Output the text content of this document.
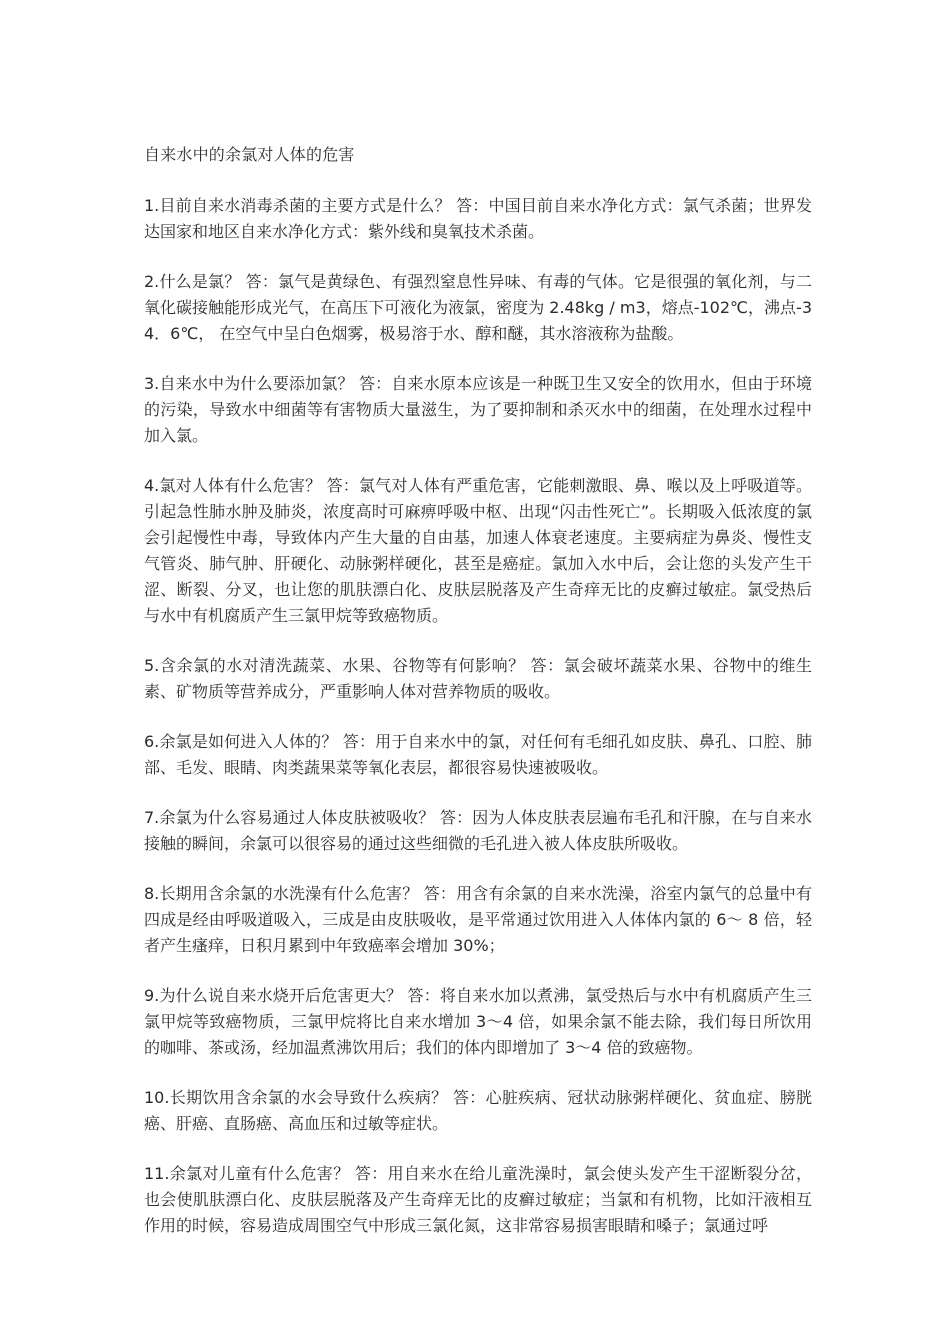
自来水中的余氯对人体的危害

1.目前自来水消毒杀菌的主要方式是什么？ 答：中国目前自来水净化方式：氯气杀菌；世界发达国家和地区自来水净化方式：紫外线和臭氧技术杀菌。

2.什么是氯？ 答：氯气是黄绿色、有强烈窒息性异味、有毒的气体。它是很强的氧化剂，与二氧化碳接触能形成光气，在高压下可液化为液氯，密度为 2.48kg / m3，熔点-102℃，沸点-34．6℃， 在空气中呈白色烟雾，极易溶于水、醇和醚，其水溶液称为盐酸。

3.自来水中为什么要添加氯？ 答：自来水原本应该是一种既卫生又安全的饮用水，但由于环境的污染，导致水中细菌等有害物质大量滋生，为了要抑制和杀灭水中的细菌，在处理水过程中加入氯。

4.氯对人体有什么危害？ 答：氯气对人体有严重危害，它能刺激眼、鼻、喉以及上呼吸道等。引起急性肺水肿及肺炎，浓度高时可麻痹呼吸中枢、出现“闪击性死亡”。长期吸入低浓度的氯会引起慢性中毒，导致体内产生大量的自由基，加速人体衰老速度。主要病症为鼻炎、慢性支气管炎、肺气肿、肝硬化、动脉粥样硬化，甚至是癌症。氯加入水中后，会让您的头发产生干涩、断裂、分叉，也让您的肌肤漂白化、皮肤层脱落及产生奇痒无比的皮癣过敏症。氯受热后与水中有机腐质产生三氯甲烷等致癌物质。

5.含余氯的水对清洗蔬菜、水果、谷物等有何影响？ 答：氯会破坏蔬菜水果、谷物中的维生素、矿物质等营养成分，严重影响人体对营养物质的吸收。

6.余氯是如何进入人体的？ 答：用于自来水中的氯，对任何有毛细孔如皮肤、鼻孔、口腔、肺部、毛发、眼睛、肉类蔬果菜等氧化表层，都很容易快速被吸收。

7.余氯为什么容易通过人体皮肤被吸收？ 答：因为人体皮肤表层遍布毛孔和汗腺，在与自来水接触的瞬间，余氯可以很容易的通过这些细微的毛孔进入被人体皮肤所吸收。

8.长期用含余氯的水洗澡有什么危害？ 答：用含有余氯的自来水洗澡，浴室内氯气的总量中有四成是经由呼吸道吸入，三成是由皮肤吸收，是平常通过饮用进入人体体内氯的 6～ 8 倍，轻者产生瘙痒，日积月累到中年致癌率会增加 30%；

9.为什么说自来水烧开后危害更大？ 答：将自来水加以煮沸，氯受热后与水中有机腐质产生三氯甲烷等致癌物质，三氯甲烷将比自来水增加 3～4 倍，如果余氯不能去除，我们每日所饮用的咖啡、茶或汤，经加温煮沸饮用后；我们的体内即增加了 3～4 倍的致癌物。

10.长期饮用含余氯的水会导致什么疾病？ 答：心脏疾病、冠状动脉粥样硬化、贫血症、膀胱癌、肝癌、直肠癌、高血压和过敏等症状。

11.余氯对儿童有什么危害？ 答：用自来水在给儿童洗澡时，氯会使头发产生干涩断裂分岔，也会使肌肤漂白化、皮肤层脱落及产生奇痒无比的皮癣过敏症；当氯和有机物，比如汗液相互作用的时候，容易造成周围空气中形成三氯化氮，这非常容易损害眼睛和嗓子；氯通过呼
